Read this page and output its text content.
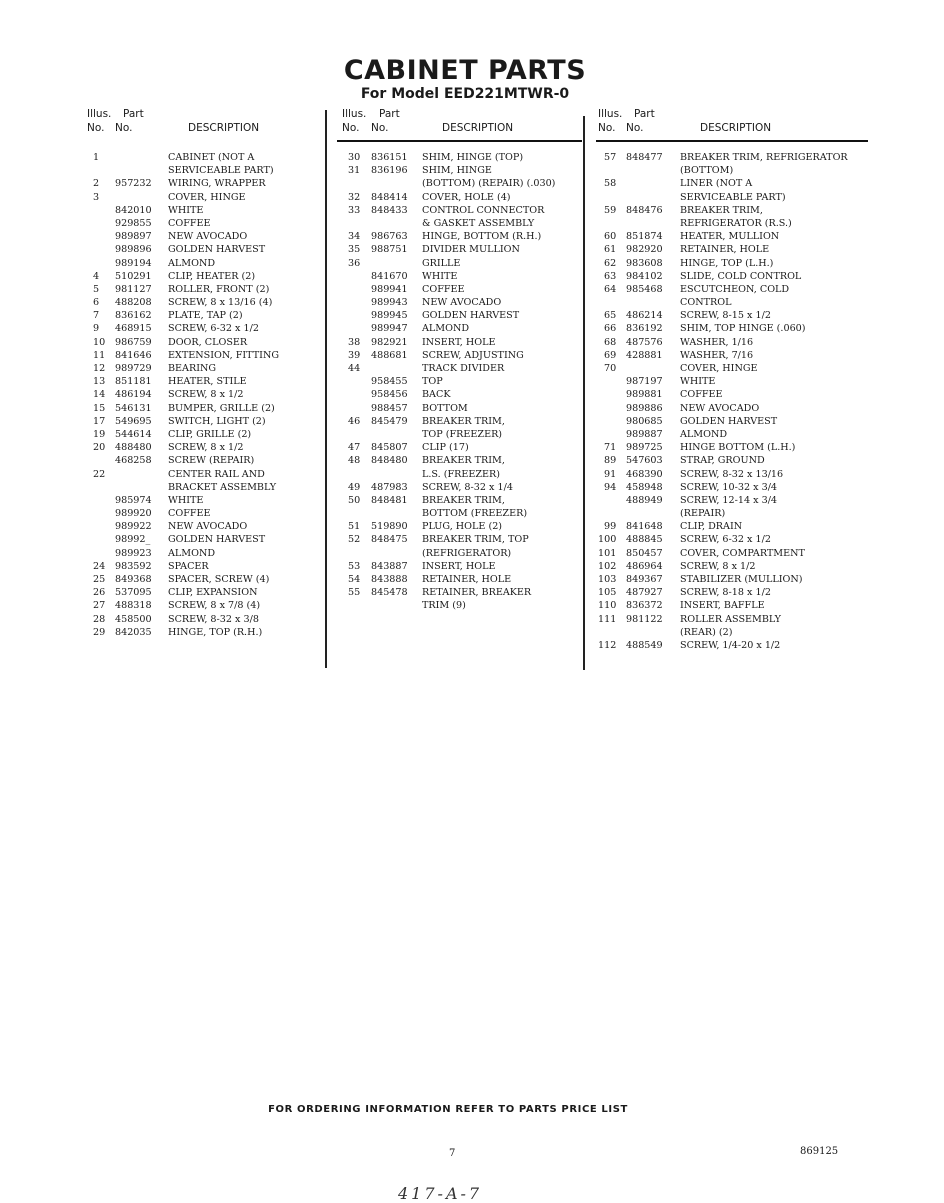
CABINET PARTS
For Model EED221MTWR-0
Illus. Part
No. No.	DESCRIPTION
1	CABINET (NOT A
SERVICEABLE PART)
2 957232 WIRING, WRAPPER
3	COVER, HINGE
842010 WHITE
929855 COFFEE
989897 NEW AVOCADO
989896 GOLDEN HARVEST
989194 ALMOND
4 510291 CLIP, HEATER (2)
5 981127 ROLLER, FRONT (2)
6 488208 SCREW, 8 x 13/16 (4)
7 836162 PLATE, TAP (2)
9 468915 SCREW, 6-32 x 1/2
10 986759 DOOR, CLOSER
11 841646 EXTENSION, FITTING
12 989729 BEARING
13 851181 HEATER, STILE
14 486194 SCREW, 8 x 1/2
15 546131 BUMPER, GRILLE (2)
17 549695 SWITCH, LIGHT (2)
19 544614 CLIP, GRILLE (2)
20 488480 SCREW, 8 x 1/2
468258 SCREW (REPAIR)
22	CENTER RAIL AND
BRACKET ASSEMBLY
985974 WHITE
989920 COFFEE
989922 NEW AVOCADO
98992_ GOLDEN HARVEST
989923 ALMOND
24 983592 SPACER
25 849368 SPACER, SCREW (4)
26 537095 CLIP, EXPANSION
27 488318 SCREW, 8 x 7/8 (4)
28 458500 SCREW, 8-32 x 3/8
29 842035 HINGE, TOP (R.H.)
Illus. Part
No. No.	DESCRIPTION
30 836151 SHIM, HINGE (TOP)
31 836196 SHIM, HINGE
(BOTTOM) (REPAIR) (.030)
32 848414 COVER, HOLE (4)
33 848433 CONTROL CONNECTOR
& GASKET ASSEMBLY
34 986763 HINGE, BOTTOM (R.H.)
35 988751 DIVIDER MULLION
36	GRILLE
841670 WHITE
989941 COFFEE
989943 NEW AVOCADO
989945 GOLDEN HARVEST
989947 ALMOND
38 982921 INSERT, HOLE
39 488681 SCREW, ADJUSTING
44	TRACK DIVIDER
958455 TOP
958456 BACK
988457 BOTTOM
46 845479 BREAKER TRIM,
TOP (FREEZER)
47 845807 CLIP (17)
48 848480 BREAKER TRIM,
L.S. (FREEZER)
49 487983 SCREW, 8-32 x 1/4
50 848481 BREAKER TRIM,
BOTTOM (FREEZER)
51 519890 PLUG, HOLE (2)
52 848475 BREAKER TRIM, TOP
(REFRIGERATOR)
53 843887 INSERT, HOLE
54 843888 RETAINER, HOLE
55 845478 RETAINER, BREAKER
TRIM (9)
Illus. Part
No. No.	DESCRIPTION
57 848477 BREAKER TRIM, REFRIGERATOR
(BOTTOM)
58	LINER (NOT A
SERVICEABLE PART)
59 848476 BREAKER TRIM,
REFRIGERATOR (R.S.)
60 851874 HEATER, MULLION
61 982920 RETAINER, HOLE
62 983608 HINGE, TOP (L.H.)
63 984102 SLIDE, COLD CONTROL
64 985468 ESCUTCHEON, COLD
CONTROL
65 486214 SCREW, 8-15 x 1/2
66 836192 SHIM, TOP HINGE (.060)
68 487576 WASHER, 1/16
69 428881 WASHER, 7/16
70	COVER, HINGE
987197 WHITE
989881 COFFEE
989886 NEW AVOCADO
980685 GOLDEN HARVEST
989887 ALMOND
71 989725 HINGE BOTTOM (L.H.)
89 547603 STRAP, GROUND
91 468390 SCREW, 8-32 x 13/16
94 458948 SCREW, 10-32 x 3/4
488949 SCREW, 12-14 x 3/4
(REPAIR)
99 841648 CLIP, DRAIN
100 488845 SCREW, 6-32 x 1/2
101 850457 COVER, COMPARTMENT
102 486964 SCREW, 8 x 1/2
103 849367 STABILIZER (MULLION)
105 487927 SCREW, 8-18 x 1/2
110 836372 INSERT, BAFFLE
111 981122 ROLLER ASSEMBLY
(REAR) (2)
112 488549 SCREW, 1/4-20 x 1/2
FOR ORDERING INFORMATION REFER TO PARTS PRICE LIST
7	869125
417-A-7
